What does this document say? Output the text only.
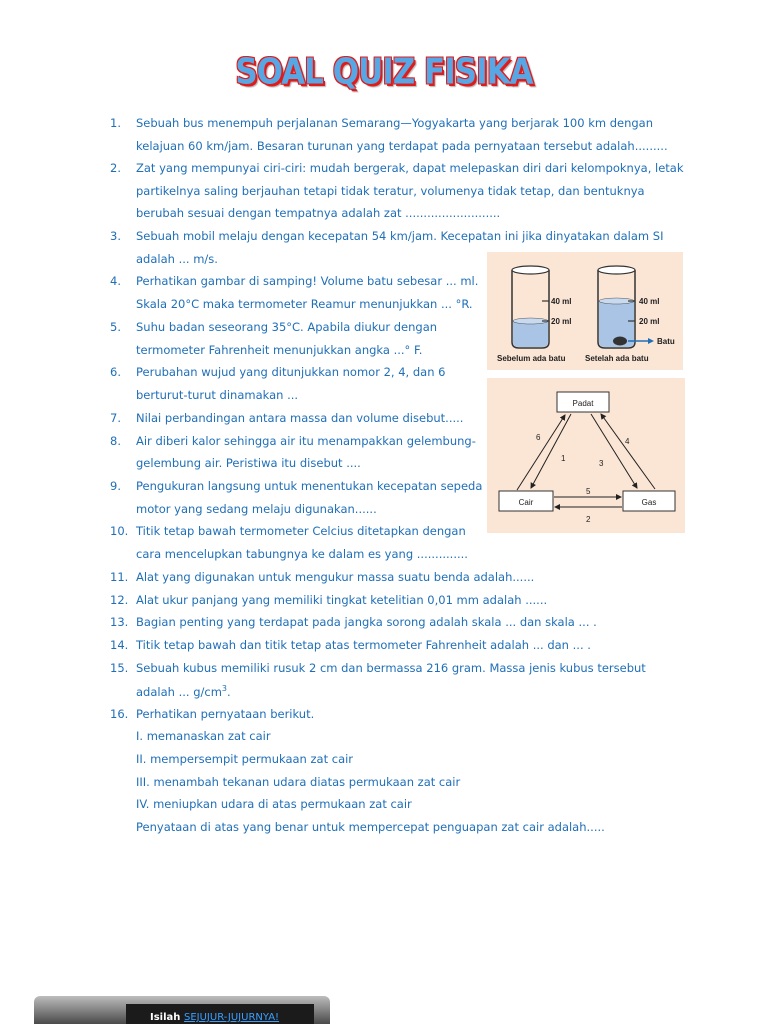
SOAL QUIZ FISIKA
1.	Sebuah bus menempuh perjalanan Semarang—Yogyakarta yang berjarak 100 km dengan
kelajuan 60 km/jam. Besaran turunan yang terdapat pada pernyataan tersebut adalah.........
2.	Zat yang mempunyai ciri-ciri: mudah bergerak, dapat melepaskan diri dari kelompoknya, letak
partikelnya saling berjauhan tetapi tidak teratur, volumenya tidak tetap, dan bentuknya
berubah sesuai dengan tempatnya adalah zat ..........................
3.	Sebuah mobil melaju dengan kecepatan 54 km/jam. Kecepatan ini jika dinyatakan dalam SI
adalah ... m/s.
4.	Perhatikan gambar di samping! Volume batu sebesar ... ml.
Skala 20°C maka termometer Reamur menunjukkan ... °R.
5.	Suhu badan seseorang 35°C. Apabila diukur dengan
termometer Fahrenheit menunjukkan angka ...° F.
6.	Perubahan wujud yang ditunjukkan nomor 2, 4, dan 6
berturut-turut dinamakan ...
7.	Nilai perbandingan antara massa dan volume disebut.....
8.	Air diberi kalor sehingga air itu menampakkan gelembung-
gelembung air. Peristiwa itu disebut ....
9.	Pengukuran langsung untuk menentukan kecepatan sepeda
motor yang sedang melaju digunakan......
10. Titik tetap bawah termometer Celcius ditetapkan dengan
cara mencelupkan tabungnya ke dalam es yang ..............
11. Alat yang digunakan untuk mengukur massa suatu benda adalah......
12. Alat ukur panjang yang memiliki tingkat ketelitian 0,01 mm adalah ......
13. Bagian penting yang terdapat pada jangka sorong adalah skala ... dan skala ... .
14. Titik tetap bawah dan titik tetap atas termometer Fahrenheit adalah ... dan ... .
15. Sebuah kubus memiliki rusuk 2 cm dan bermassa 216 gram. Massa jenis kubus tersebut
adalah ... $g/cm^3$.
16. Perhatikan pernyataan berikut.
I. memanaskan zat cair
II. mempersempit permukaan zat cair
III. menambah tekanan udara diatas permukaan zat cair
IV. meniupkan udara di atas permukaan zat cair
Penyataan di atas yang benar untuk mempercepat penguapan zat cair adalah.....
40 ml
20 ml
40 ml
20 ml
Batu
Sebelum ada batu Setelah ada batu
Padat
Cair	Gas
6
1
3
4
5
2
Isilah SEJUJUR-JUJURNYA!
